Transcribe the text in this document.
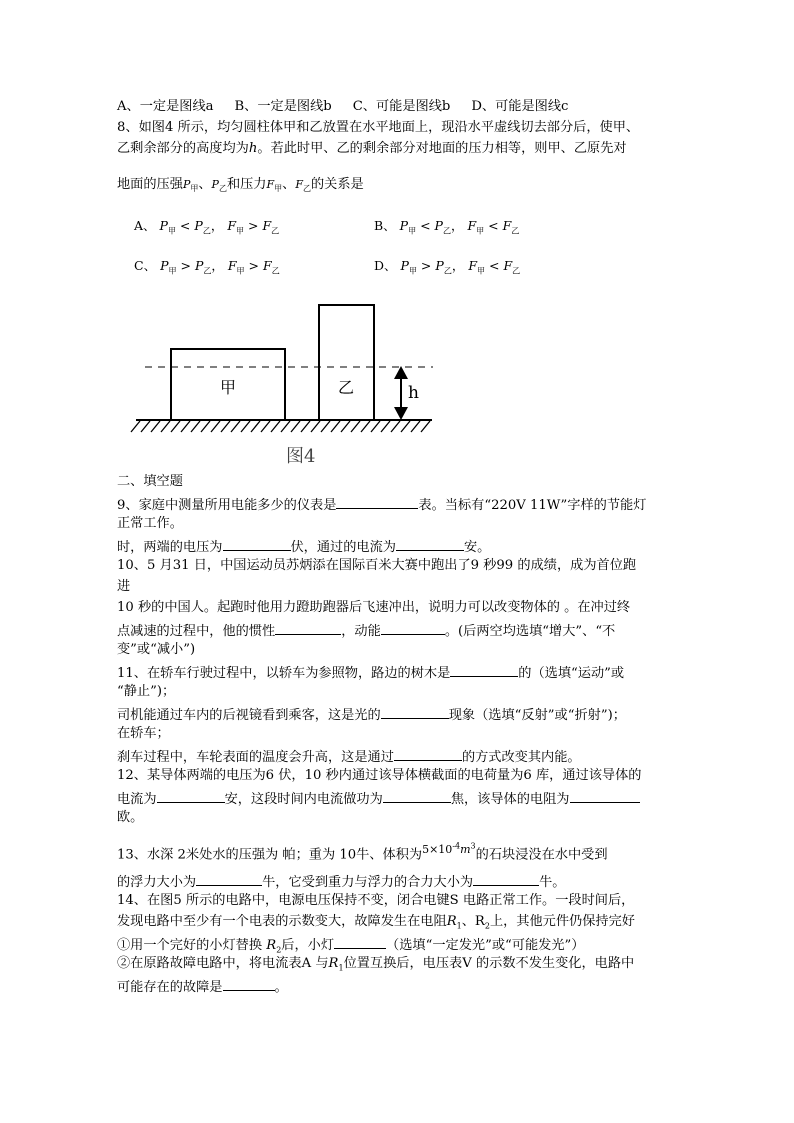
A、一定是图线a B、一定是图线b C、可能是图线b D、可能是图线c
8、如图4 所示，均匀圆柱体甲和乙放置在水平地面上，现沿水平虚线切去部分后，使甲、
乙剩余部分的高度均为h。若此时甲、乙的剩余部分对地面的压力相等，则甲、乙原先对
地面的压强$P_甲$、$P_乙$和压力$F_甲$、$F_乙$的关系是
A、 $P_甲 < P_乙$， $F_甲 > F_乙$	B、 $P_甲 < P_乙$， $F_甲 < F_乙$
C、 $P_甲 > P_乙$， $F_甲 > F_乙$	D、 $P_甲 > P_乙$， $F_甲 < F_乙$
甲	乙	h
图4
二、填空题
9、家庭中测量所用电能多少的仪表是	表。当标有“220V 11W”字样的节能灯
正常工作。
时，两端的电压为	伏，通过的电流为	安。
10、5 月31 日，中国运动员苏炳添在国际百米大赛中跑出了9 秒99 的成绩，成为首位跑
进
10 秒的中国人。起跑时他用力蹬助跑器后飞速冲出，说明力可以改变物体的 。在冲过终
点减速的过程中，他的惯性	，动能	。(后两空均选填“增大”、“不
变”或“减小”)
11、在轿车行驶过程中，以轿车为参照物，路边的树木是	的（选填“运动”或
“静止”)；
司机能通过车内的后视镜看到乘客，这是光的	现象（选填“反射”或“折射”)；
在轿车；
刹车过程中，车轮表面的温度会升高，这是通过	的方式改变其内能。
12、某导体两端的电压为6 伏，10 秒内通过该导体横截面的电荷量为6 库，通过该导体的
电流为	安，这段时间内电流做功为	焦，该导体的电阻为
欧。
13、水深 2米处水的压强为 帕；重为 10牛、体积为$^{5\times 10^{-4}m^3}$的石块浸没在水中受到
的浮力大小为	牛，它受到重力与浮力的合力大小为	牛。
14、在图5 所示的电路中，电源电压保持不变，闭合电键S 电路正常工作。一段时间后，
发现电路中至少有一个电表的示数变大，故障发生在电阻$R_1$、$R_2$上，其他元件仍保持完好
①用一个完好的小灯替换 $R_2$后，小灯	（选填“一定发光”或“可能发光”）
②在原路故障电路中，将电流表A 与$R_1$位置互换后，电压表V 的示数不发生变化，电路中
可能存在的故障是	。
